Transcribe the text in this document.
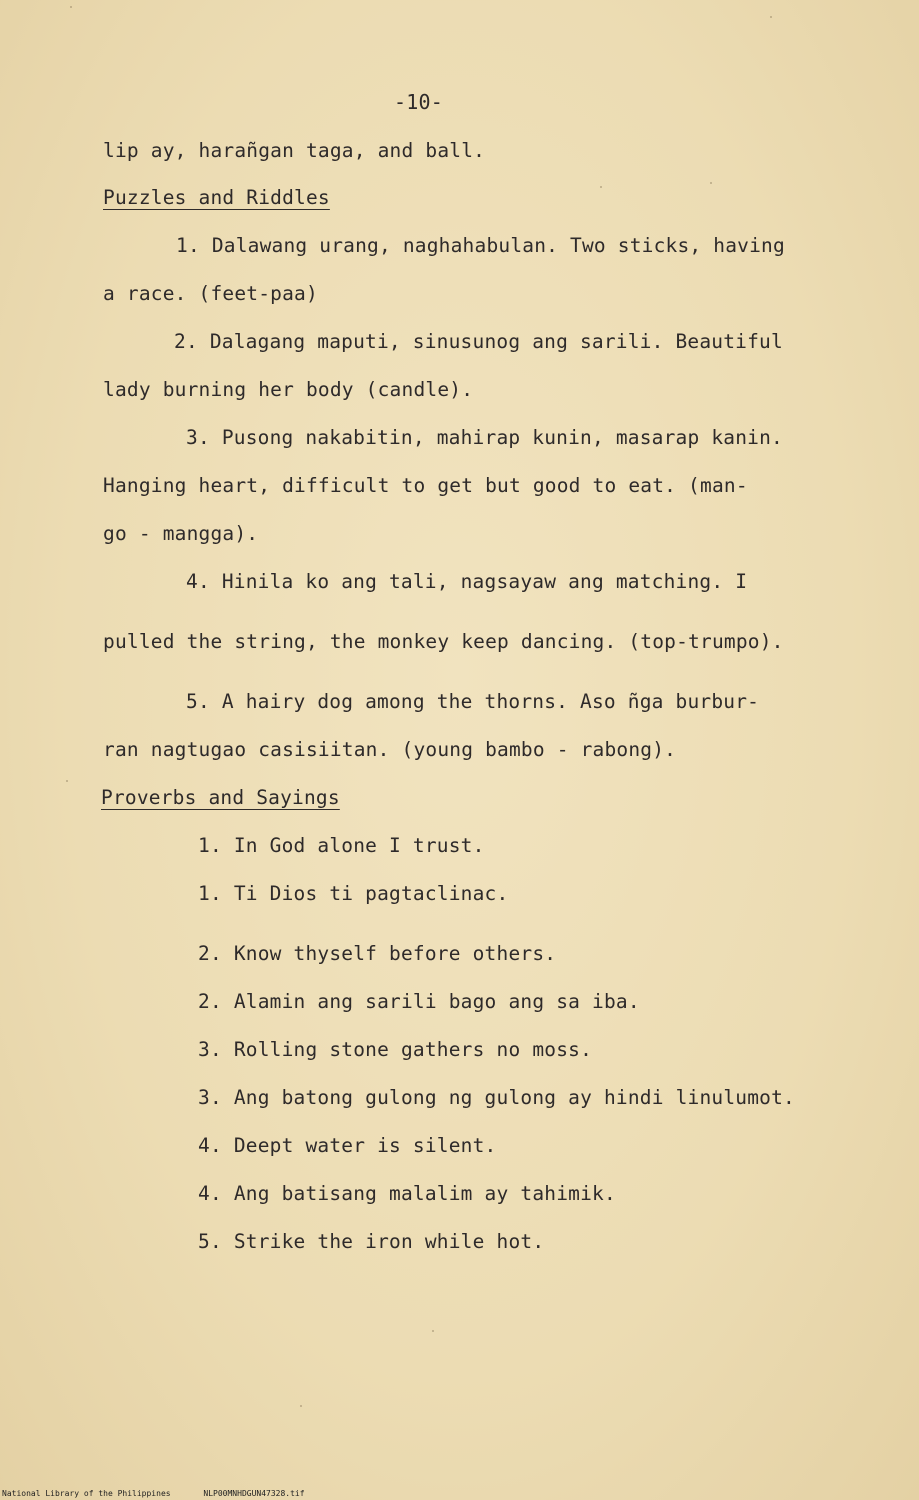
-10-
lip ay, harañgan taga, and ball.
Puzzles and Riddles
1. Dalawang urang, naghahabulan. Two sticks, having
a race. (feet-paa)
2. Dalagang maputi, sinusunog ang sarili. Beautiful
lady burning her body (candle).
3. Pusong nakabitin, mahirap kunin, masarap kanin.
Hanging heart, difficult to get but good to eat. (man-
go - mangga).
4. Hinila ko ang tali, nagsayaw ang matching. I
pulled the string, the monkey keep dancing. (top-trumpo).
5. A hairy dog among the thorns. Aso ñga burbur-
ran nagtugao casisiitan. (young bambo - rabong).
Proverbs and Sayings
1. In God alone I trust.
1. Ti Dios ti pagtaclinac.
2. Know thyself before others.
2. Alamin ang sarili bago ang sa iba.
3. Rolling stone gathers no moss.
3. Ang batong gulong ng gulong ay hindi linulumot.
4. Deept water is silent.
4. Ang batisang malalim ay tahimik.
5. Strike the iron while hot.
National Library of the Philippines	NLP00MNHDGUN47328.tif
